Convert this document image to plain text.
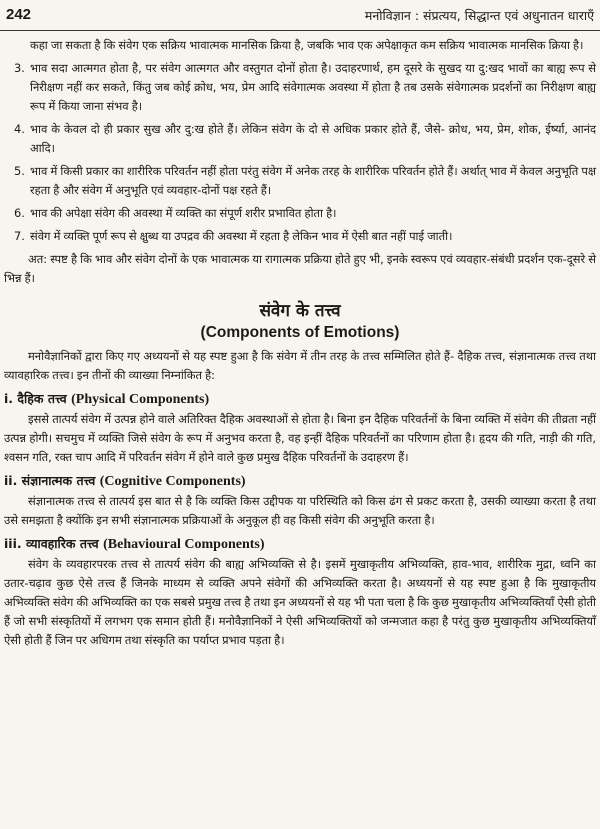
242	मनोविज्ञान : संप्रत्यय, सिद्धान्त एवं अधुनातन धाराएँ

कहा जा सकता है कि संवेग एक सक्रिय भावात्मक मानसिक क्रिया है, जबकि भाव एक अपेक्षाकृत कम सक्रिय भावात्मक मानसिक क्रिया है।

3. भाव सदा आत्मगत होता है, पर संवेग आत्मगत और वस्तुगत दोनों होता है। उदाहरणार्थ, हम दूसरे के सुखद या दु:खद भावों का बाह्य रूप से निरीक्षण नहीं कर सकते, किंतु जब कोई क्रोध, भय, प्रेम आदि संवेगात्मक अवस्था में होता है तब उसके संवेगात्मक प्रदर्शनों का निरीक्षण बाह्य रूप में किया जाना संभव है।

4. भाव के केवल दो ही प्रकार सुख और दु:ख होते हैं। लेकिन संवेग के दो से अधिक प्रकार होते हैं, जैसे- क्रोध, भय, प्रेम, शोक, ईर्ष्या, आनंद आदि।

5. भाव में किसी प्रकार का शारीरिक परिवर्तन नहीं होता परंतु संवेग में अनेक तरह के शारीरिक परिवर्तन होते हैं। अर्थात् भाव में केवल अनुभूति पक्ष रहता है और संवेग में अनुभूति एवं व्यवहार-दोनों पक्ष रहते हैं।

6. भाव की अपेक्षा संवेग की अवस्था में व्यक्ति का संपूर्ण शरीर प्रभावित होता है।

7. संवेग में व्यक्ति पूर्ण रूप से क्षुब्ध या उपद्रव की अवस्था में रहता है लेकिन भाव में ऐसी बात नहीं पाई जाती।

अत: स्पष्ट है कि भाव और संवेग दोनों के एक भावात्मक या रागात्मक प्रक्रिया होते हुए भी, इनके स्वरूप एवं व्यवहार-संबंधी प्रदर्शन एक-दूसरे से भिन्न हैं।

संवेग के तत्त्व
(Components of Emotions)

मनोवैज्ञानिकों द्वारा किए गए अध्ययनों से यह स्पष्ट हुआ है कि संवेग में तीन तरह के तत्त्व सम्मिलित होते हैं- दैहिक तत्त्व, संज्ञानात्मक तत्त्व तथा व्यावहारिक तत्त्व। इन तीनों की व्याख्या निम्नांकित है:

i. दैहिक तत्त्व (Physical Components)

इससे तात्पर्य संवेग में उत्पन्न होने वाले अतिरिक्त दैहिक अवस्थाओं से होता है। बिना इन दैहिक परिवर्तनों के बिना व्यक्ति में संवेग की तीव्रता नहीं उत्पन्न होगी। सचमुच में व्यक्ति जिसे संवेग के रूप में अनुभव करता है, वह इन्हीं दैहिक परिवर्तनों का परिणाम होता है। हृदय की गति, नाड़ी की गति, श्वसन गति, रक्त चाप आदि में परिवर्तन संवेग में होने वाले कुछ प्रमुख दैहिक परिवर्तनों के उदाहरण हैं।

ii. संज्ञानात्मक तत्त्व (Cognitive Components)

संज्ञानात्मक तत्त्व से तात्पर्य इस बात से है कि व्यक्ति किस उद्दीपक या परिस्थिति को किस ढंग से प्रकट करता है, उसकी व्याख्या करता है तथा उसे समझता है क्योंकि इन सभी संज्ञानात्मक प्रक्रियाओं के अनुकूल ही वह किसी संवेग की अनुभूति करता है।

iii. व्यावहारिक तत्त्व (Behavioural Components)

संवेग के व्यवहारपरक तत्त्व से तात्पर्य संवेग की बाह्य अभिव्यक्ति से है। इसमें मुखाकृतीय अभिव्यक्ति, हाव-भाव, शारीरिक मुद्रा, ध्वनि का उतार-चढ़ाव कुछ ऐसे तत्त्व हैं जिनके माध्यम से व्यक्ति अपने संवेगों की अभिव्यक्ति करता है। अध्ययनों से यह स्पष्ट हुआ है कि मुखाकृतीय अभिव्यक्ति संवेग की अभिव्यक्ति का एक सबसे प्रमुख तत्त्व है तथा इन अध्ययनों से यह भी पता चला है कि कुछ मुखाकृतीय अभिव्यक्तियाँ ऐसी होती हैं जो सभी संस्कृतियों में लगभग एक समान होती हैं। मनोवैज्ञानिकों ने ऐसी अभिव्यक्तियों को जन्मजात कहा है परंतु कुछ मुखाकृतीय अभिव्यक्तियाँ ऐसी होती हैं जिन पर अधिगम तथा संस्कृति का पर्याप्त प्रभाव पड़ता है।
